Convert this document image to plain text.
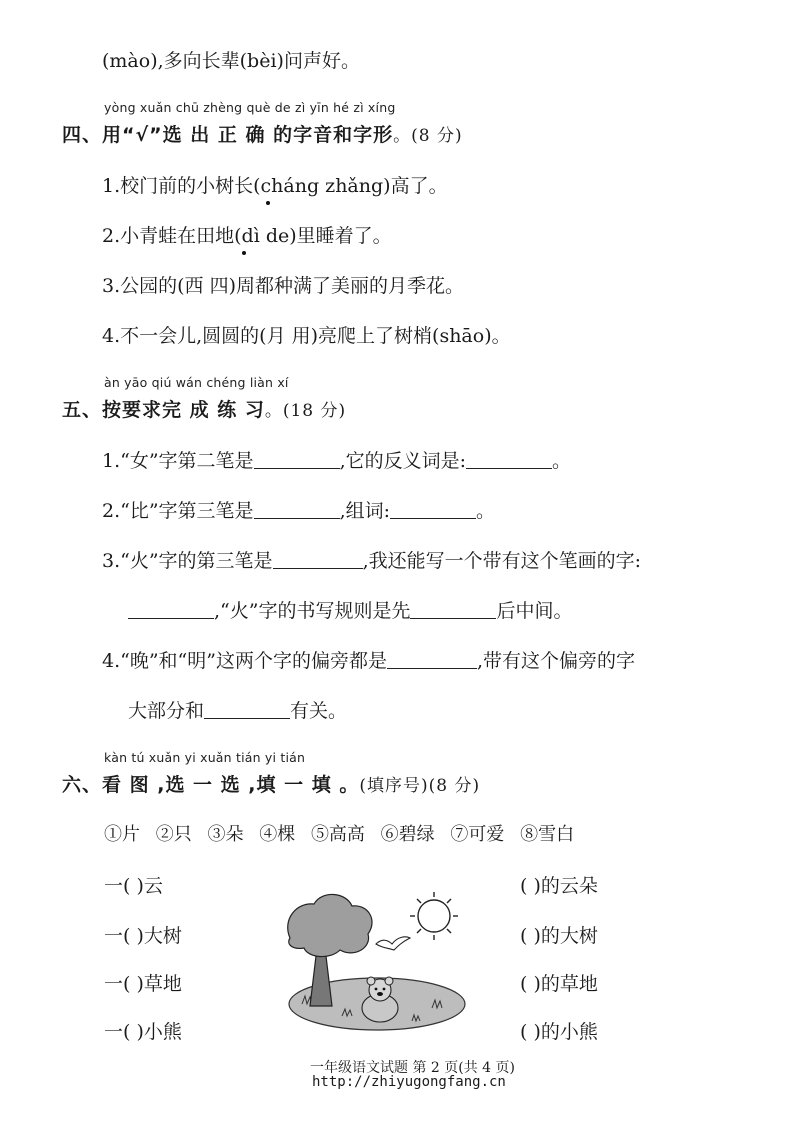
(mào),多向长辈(bèi)问声好。
yòng xuǎn chū zhèng què de zì yīn hé zì xíng
四、用“√”选 出 正 确 的字音和字形。(8 分)
1.校门前的小树长(cháng zhǎng)高了。
2.小青蛙在田地(dì de)里睡着了。
3.公园的(西 四)周都种满了美丽的月季花。
4.不一会儿,圆圆的(月 用)亮爬上了树梢(shāo)。
àn yāo qiú wán chéng liàn xí
五、按要求完 成 练 习。(18 分)
1.“女”字第二笔是	,它的反义词是:	。
2.“比”字第三笔是	,组词:	。
3.“火”字的第三笔是	,我还能写一个带有这个笔画的字:
,“火”字的书写规则是先	后中间。
4.“晚”和“明”这两个字的偏旁都是	,带有这个偏旁的字
大部分和	有关。
kàn tú xuǎn yi xuǎn tián yi tián
六、看 图 ,选 一 选 ,填 一 填 。(填序号)(8 分)
①片 ②只 ③朵 ④棵 ⑤高高 ⑥碧绿 ⑦可爱 ⑧雪白
一( )云
一( )大树
一( )草地
一( )小熊
( )的云朵
( )的大树
( )的草地
( )的小熊
一年级语文试题 第 2 页(共 4 页)
http://zhiyugongfang.cn
